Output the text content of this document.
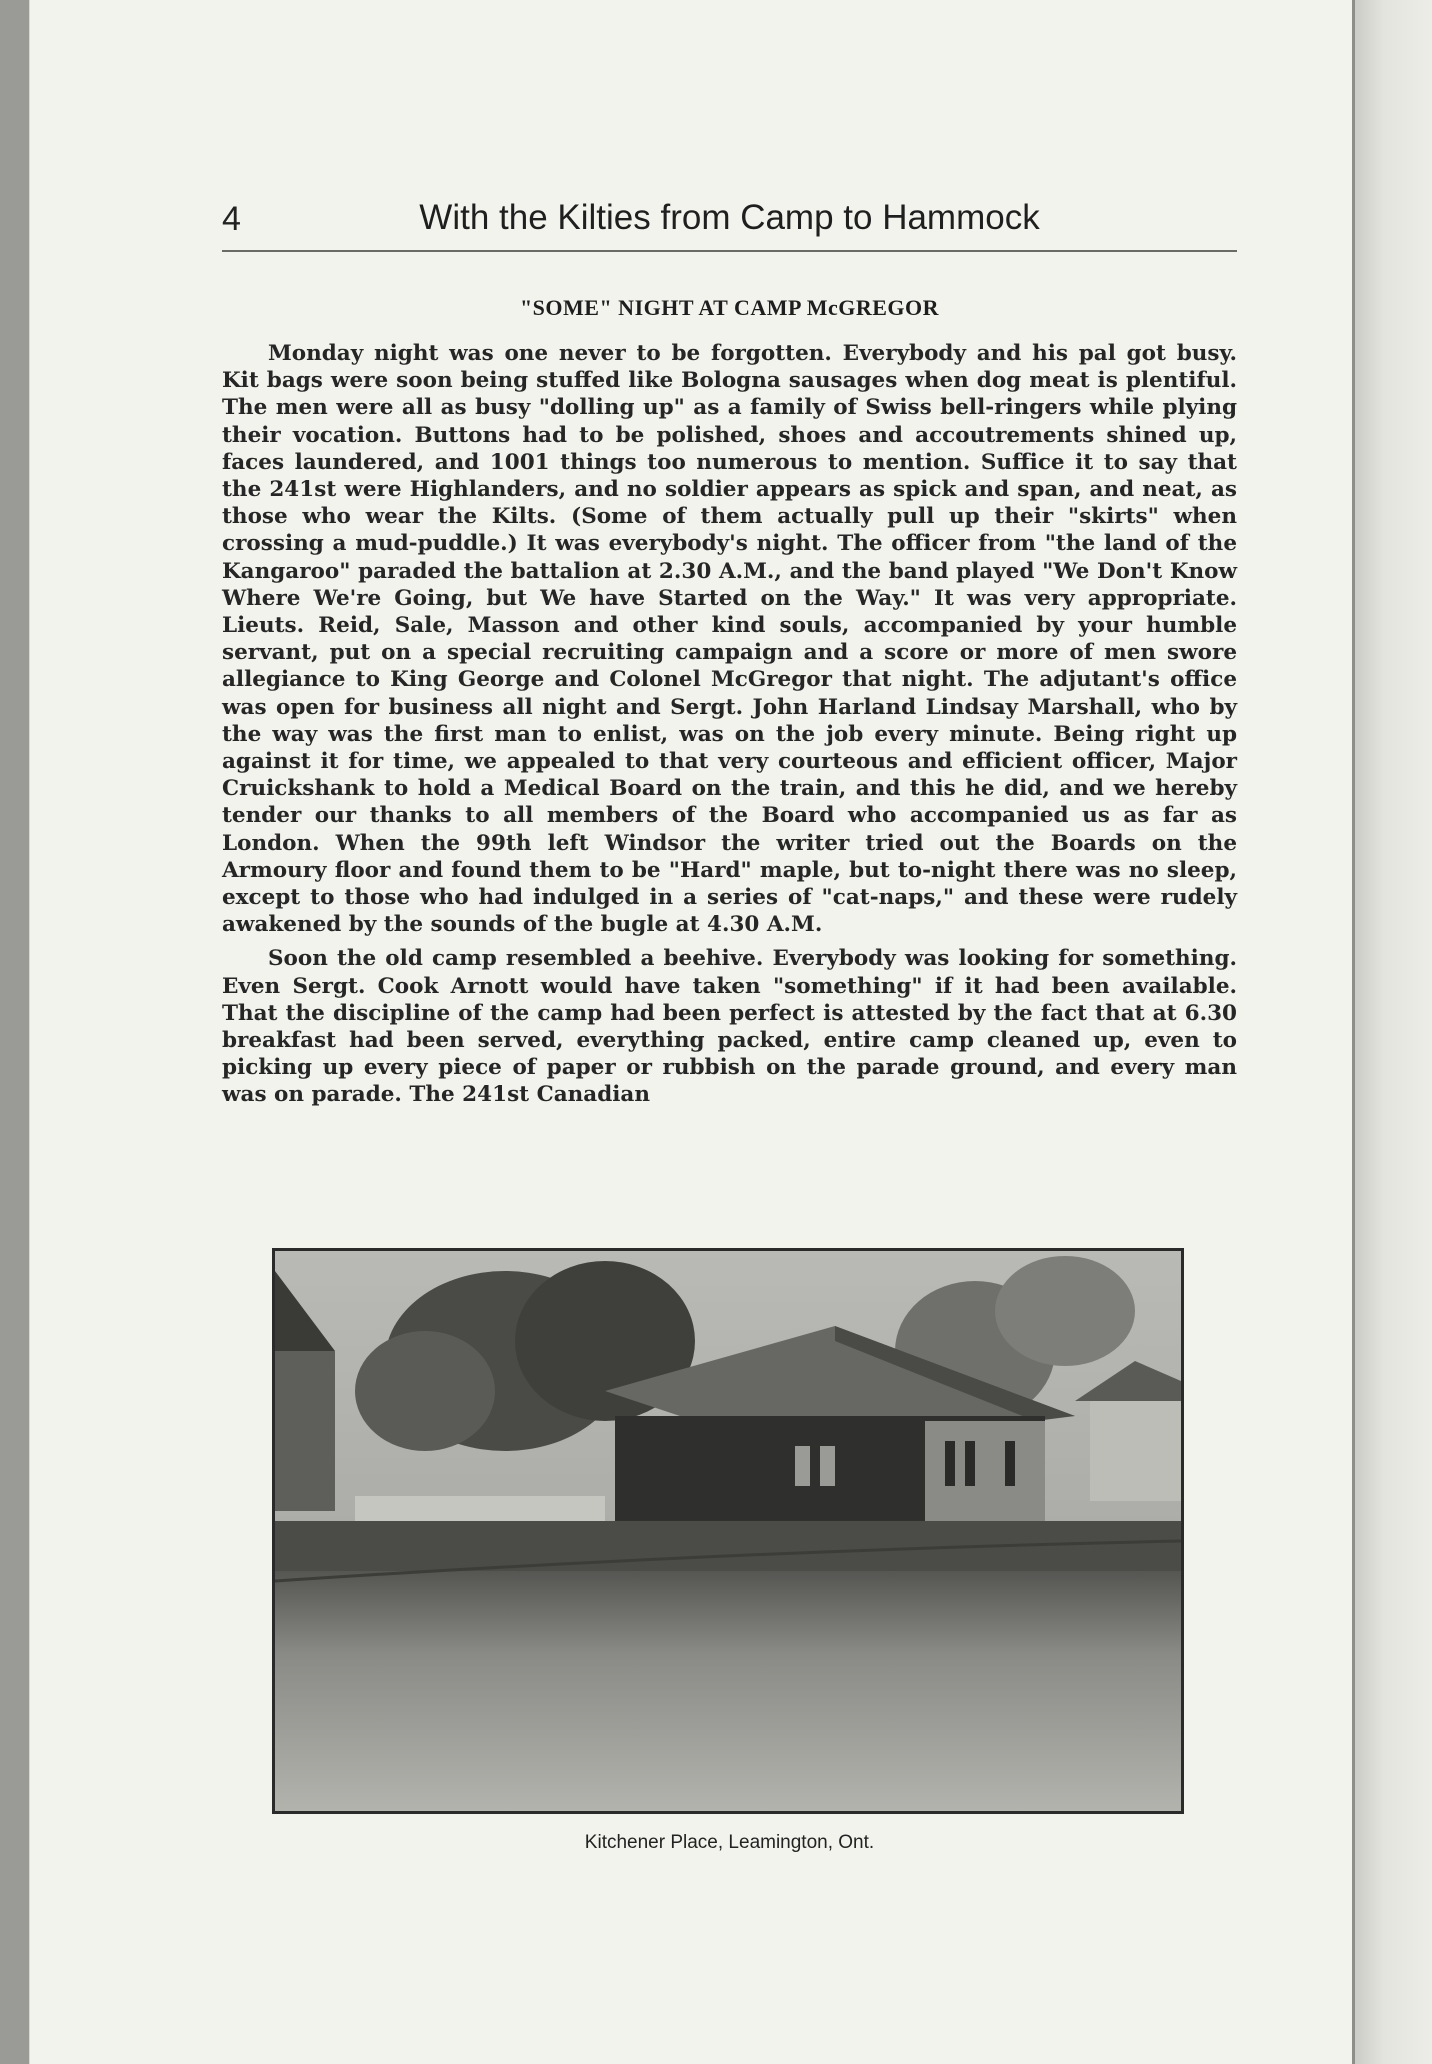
4	With the Kilties from Camp to Hammock
"SOME" NIGHT AT CAMP McGREGOR

Monday night was one never to be forgotten. Everybody and his pal got busy. Kit bags were soon being stuffed like Bologna sausages when dog meat is plentiful. The men were all as busy "dolling up" as a family of Swiss bell-ringers while plying their vocation. Buttons had to be polished, shoes and accoutrements shined up, faces laundered, and 1001 things too numerous to mention. Suffice it to say that the 241st were Highlanders, and no soldier appears as spick and span, and neat, as those who wear the Kilts. (Some of them actually pull up their "skirts" when crossing a mud-puddle.) It was everybody's night. The officer from "the land of the Kangaroo" paraded the battalion at 2.30 A.M., and the band played "We Don't Know Where We're Going, but We have Started on the Way." It was very appropriate. Lieuts. Reid, Sale, Masson and other kind souls, accompanied by your humble servant, put on a special recruiting campaign and a score or more of men swore allegiance to King George and Colonel McGregor that night. The adjutant's office was open for business all night and Sergt. John Harland Lindsay Marshall, who by the way was the first man to enlist, was on the job every minute. Being right up against it for time, we appealed to that very courteous and efficient officer, Major Cruickshank to hold a Medical Board on the train, and this he did, and we hereby tender our thanks to all members of the Board who accompanied us as far as London. When the 99th left Windsor the writer tried out the Boards on the Armoury floor and found them to be "Hard" maple, but to-night there was no sleep, except to those who had indulged in a series of "cat-naps," and these were rudely awakened by the sounds of the bugle at 4.30 A.M.

Soon the old camp resembled a beehive. Everybody was looking for something. Even Sergt. Cook Arnott would have taken "something" if it had been available. That the discipline of the camp had been perfect is attested by the fact that at 6.30 breakfast had been served, everything packed, entire camp cleaned up, even to picking up every piece of paper or rubbish on the parade ground, and every man was on parade. The 241st Canadian

Kitchener Place, Leamington, Ont.
